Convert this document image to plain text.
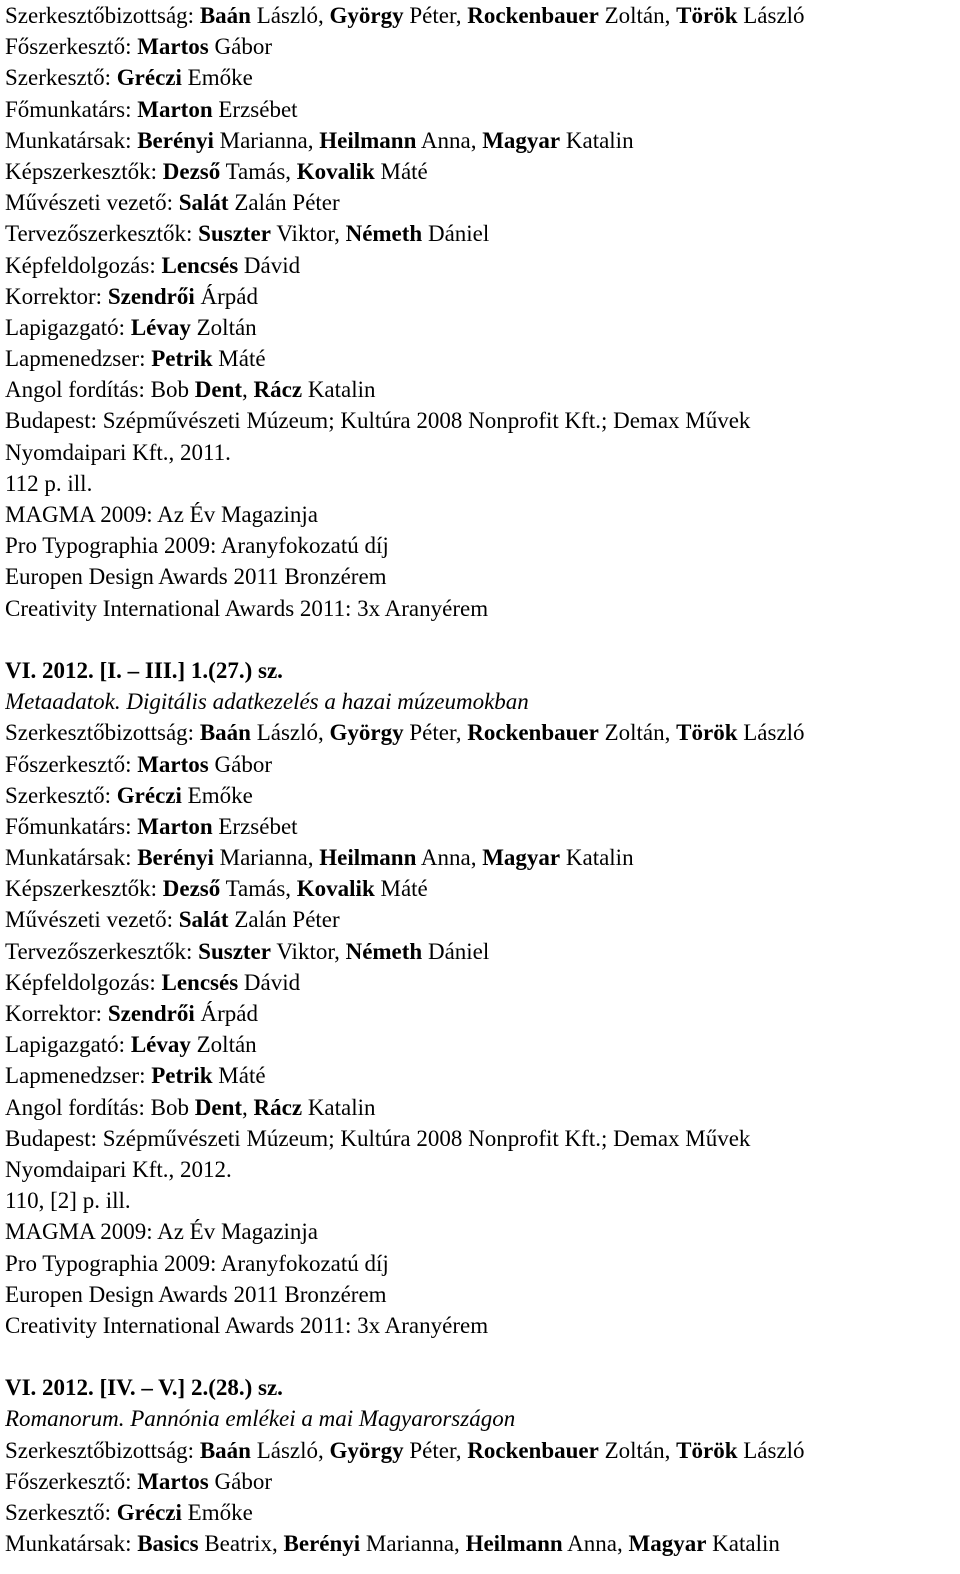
Szerkesztőbizottság: Baán László, György Péter, Rockenbauer Zoltán, Török László
Főszerkesztő: Martos Gábor
Szerkesztő: Gréczi Emőke
Főmunkatárs: Marton Erzsébet
Munkatársak: Berényi Marianna, Heilmann Anna, Magyar Katalin
Képszerkesztők: Dezső Tamás, Kovalik Máté
Művészeti vezető: Salát Zalán Péter
Tervezőszerkesztők: Suszter Viktor, Németh Dániel
Képfeldolgozás: Lencsés Dávid
Korrektor: Szendrői Árpád
Lapigazgató: Lévay Zoltán
Lapmenedzser: Petrik Máté
Angol fordítás: Bob Dent, Rácz Katalin
Budapest: Szépművészeti Múzeum; Kultúra 2008 Nonprofit Kft.; Demax Művek
Nyomdaipari Kft., 2011.
112 p. ill.
MAGMA 2009: Az Év Magazinja
Pro Typographia 2009: Aranyfokozatú díj
Europen Design Awards 2011 Bronzérem
Creativity International Awards 2011: 3x Aranyérem
VI. 2012. [I. – III.] 1.(27.) sz.
Metaadatok. Digitális adatkezelés a hazai múzeumokban
Szerkesztőbizottság: Baán László, György Péter, Rockenbauer Zoltán, Török László
Főszerkesztő: Martos Gábor
Szerkesztő: Gréczi Emőke
Főmunkatárs: Marton Erzsébet
Munkatársak: Berényi Marianna, Heilmann Anna, Magyar Katalin
Képszerkesztők: Dezső Tamás, Kovalik Máté
Művészeti vezető: Salát Zalán Péter
Tervezőszerkesztők: Suszter Viktor, Németh Dániel
Képfeldolgozás: Lencsés Dávid
Korrektor: Szendrői Árpád
Lapigazgató: Lévay Zoltán
Lapmenedzser: Petrik Máté
Angol fordítás: Bob Dent, Rácz Katalin
Budapest: Szépművészeti Múzeum; Kultúra 2008 Nonprofit Kft.; Demax Művek
Nyomdaipari Kft., 2012.
110, [2] p. ill.
MAGMA 2009: Az Év Magazinja
Pro Typographia 2009: Aranyfokozatú díj
Europen Design Awards 2011 Bronzérem
Creativity International Awards 2011: 3x Aranyérem
VI. 2012. [IV. – V.] 2.(28.) sz.
Romanorum. Pannónia emlékei a mai Magyarországon
Szerkesztőbizottság: Baán László, György Péter, Rockenbauer Zoltán, Török László
Főszerkesztő: Martos Gábor
Szerkesztő: Gréczi Emőke
Munkatársak: Basics Beatrix, Berényi Marianna, Heilmann Anna, Magyar Katalin
